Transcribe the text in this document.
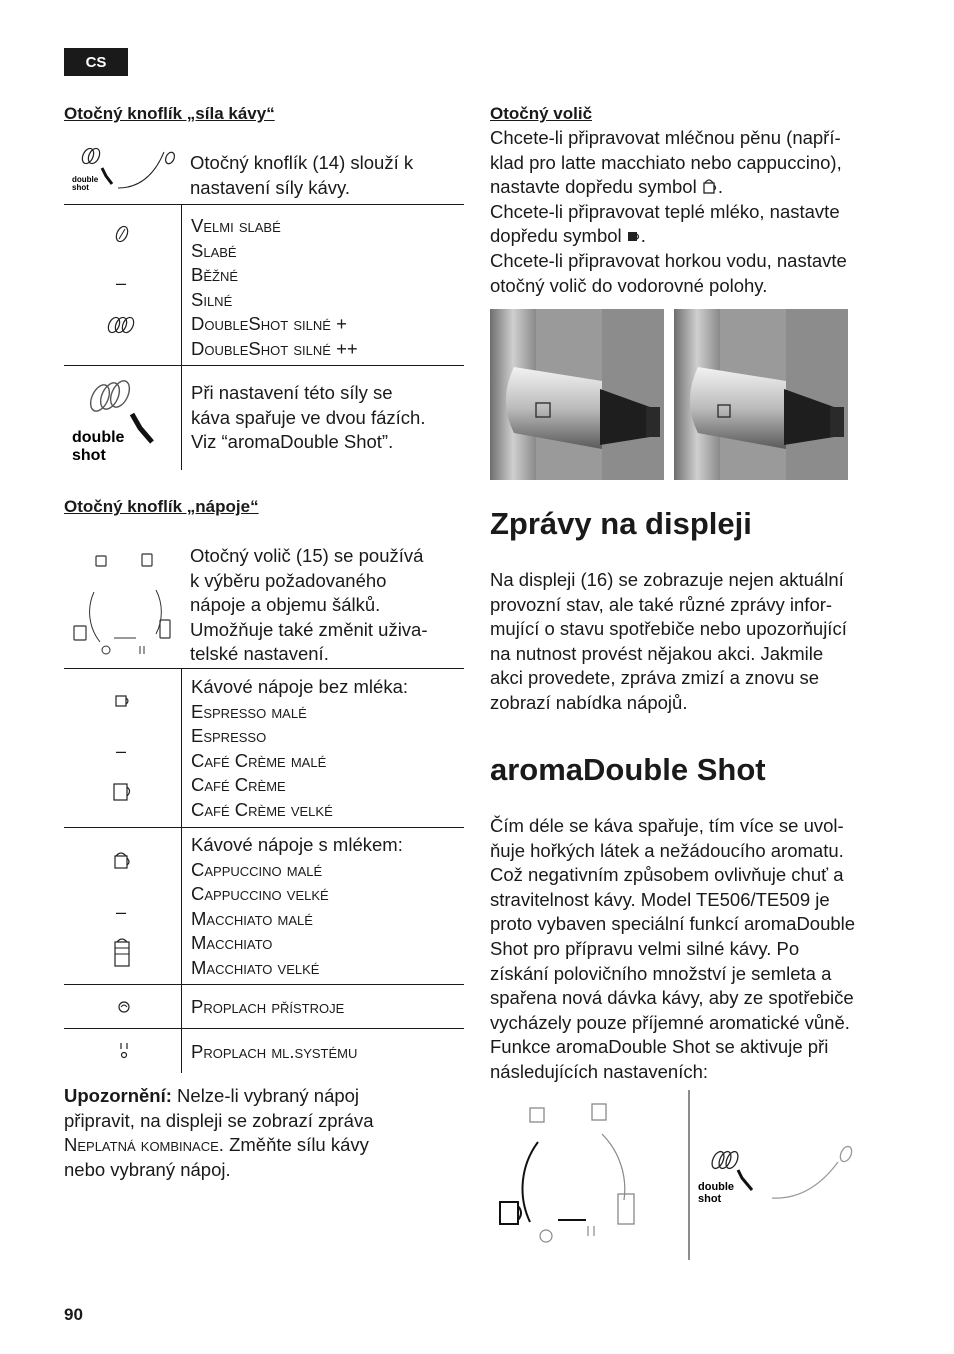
CS
Otočný knoflík „síla kávy“
double
shot
Otočný knoflík (14) slouží k
nastavení síly kávy.
–
Velmi slabé
Slabé
Běžné
Silné
DoubleShot silné +
DoubleShot silné ++
double
shot
Při nastavení této síly se
káva spařuje ve dvou fázích.
Viz “aromaDouble Shot”.
Otočný knoflík „nápoje“
Otočný volič (15) se používá
k výběru požadovaného
nápoje a objemu šálků.
Umožňuje také změnit uživa-
telské nastavení.
–
Kávové nápoje bez mléka:
Espresso malé
Espresso
Café Crème malé
Café Crème
Café Crème velké
–
Kávové nápoje s mlékem:
Cappuccino malé
Cappuccino velké
Macchiato malé
Macchiato
Macchiato velké
Proplach přístroje
Proplach ml.systému
Upozornění: Nelze-li vybraný nápoj
připravit, na displeji se zobrazí zpráva
Neplatná kombinace. Změňte sílu kávy
nebo vybraný nápoj.
Otočný volič
Chcete-li připravovat mléčnou pěnu (napří-
klad pro latte macchiato nebo cappuccino),
nastavte dopředu symbol .
Chcete-li připravovat teplé mléko, nastavte
dopředu symbol .
Chcete-li připravovat horkou vodu, nastavte
otočný volič do vodorovné polohy.
Zprávy na displeji
Na displeji (16) se zobrazuje nejen aktuální
provozní stav, ale také různé zprávy infor-
mující o stavu spotřebiče nebo upozorňující
na nutnost provést nějakou akci. Jakmile
akci provedete, zpráva zmizí a znovu se
zobrazí nabídka nápojů.
aromaDouble Shot
Čím déle se káva spařuje, tím více se uvol-
ňuje hořkých látek a nežádoucího aromatu.
Což negativním způsobem ovlivňuje chuť a
stravitelnost kávy. Model TE506/TE509 je
proto vybaven speciální funkcí aromaDouble
Shot pro přípravu velmi silné kávy. Po
získání polovičního množství je semleta a
spařena nová dávka kávy, aby ze spotřebiče
vycházely pouze příjemné aromatické vůně.
Funkce aromaDouble Shot se aktivuje při
následujících nastaveních:
double
shot
90
